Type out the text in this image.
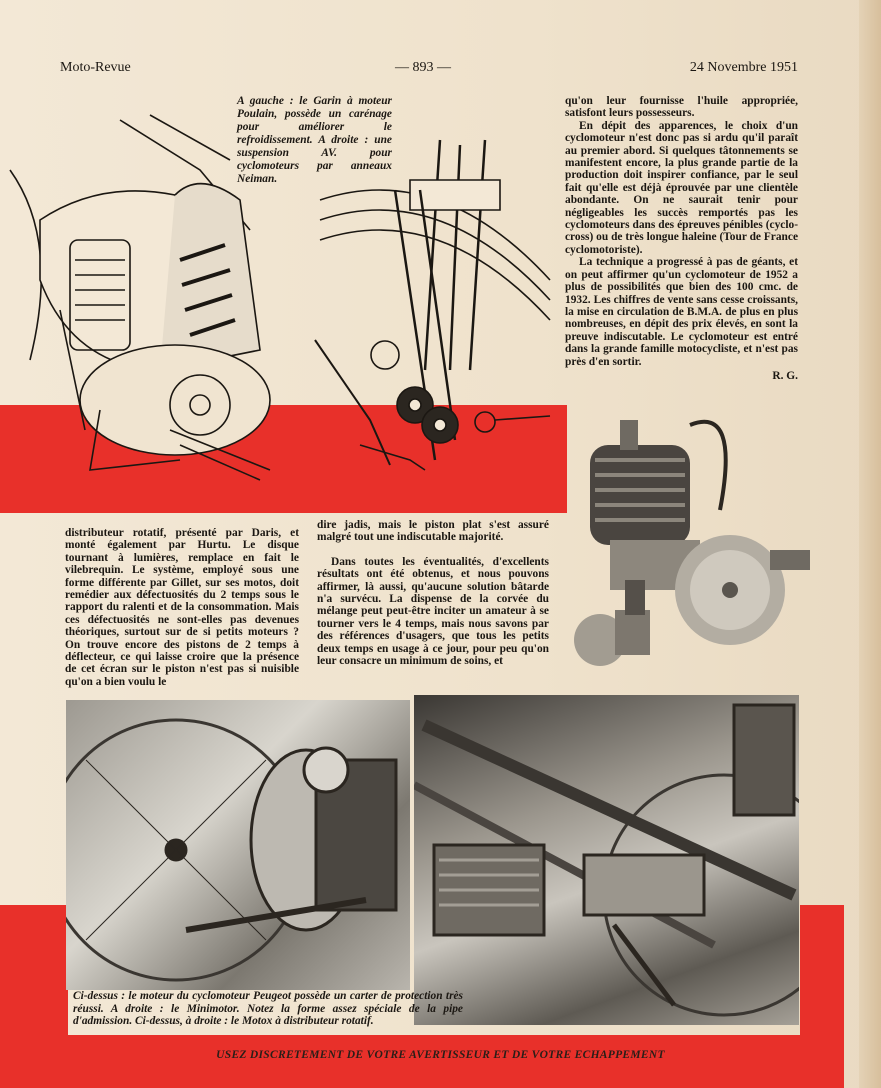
Moto-Revue	— 893 —	24 Novembre 1951
A gauche : le Garin à moteur Poulain, possède un carénage pour améliorer le refroidissement. A droite : une suspension AV. pour cyclomoteurs par anneaux Neiman.

qu'on leur fournisse l'huile appropriée, satisfont leurs possesseurs.

En dépit des apparences, le choix d'un cyclomoteur n'est donc pas si ardu qu'il paraît au premier abord. Si quelques tâtonnements se manifestent encore, la plus grande partie de la production doit inspirer confiance, par le seul fait qu'elle est déjà éprouvée par une clientèle abondante. On ne saurait tenir pour négligeables les succès remportés pas les cyclomoteurs dans des épreuves pénibles (cyclo-cross) ou de très longue haleine (Tour de France cyclomotoriste).

La technique a progressé à pas de géants, et on peut affirmer qu'un cyclomoteur de 1952 a plus de possibilités que bien des 100 cmc. de 1932. Les chiffres de vente sans cesse croissants, la mise en circulation de B.M.A. de plus en plus nombreuses, en dépit des prix élevés, en sont la preuve indiscutable. Le cyclomoteur est entré dans la grande famille motocycliste, et n'est pas près d'en sortir.

R. G.

distributeur rotatif, présenté par Daris, et monté également par Hurtu. Le disque tournant à lumières, remplace en fait le vilebrequin. Le système, employé sous une forme différente par Gillet, sur ses motos, doit remédier aux défectuosités du 2 temps sous le rapport du ralenti et de la consommation. Mais ces défectuosités ne sont-elles pas devenues théoriques, surtout sur de si petits moteurs ? On trouve encore des pistons de 2 temps à déflecteur, ce qui laisse croire que la présence de cet écran sur le piston n'est pas si nuisible qu'on a bien voulu le

dire jadis, mais le piston plat s'est assuré malgré tout une indiscutable majorité.

Dans toutes les éventualités, d'excellents résultats ont été obtenus, et nous pouvons affirmer, là aussi, qu'aucune solution bâtarde n'a survécu. La dispense de la corvée du mélange peut peut-être inciter un amateur à se tourner vers le 4 temps, mais nous savons par des références d'usagers, que tous les petits deux temps en usage à ce jour, pour peu qu'on leur consacre un minimum de soins, et

Ci-dessus : le moteur du cyclomoteur Peugeot possède un carter de protection très réussi. A droite : le Minimotor. Notez la forme assez spéciale de la pipe d'admission. Ci-dessus, à droite : le Motox à distributeur rotatif.
USEZ DISCRETEMENT DE VOTRE AVERTISSEUR ET DE VOTRE ECHAPPEMENT
